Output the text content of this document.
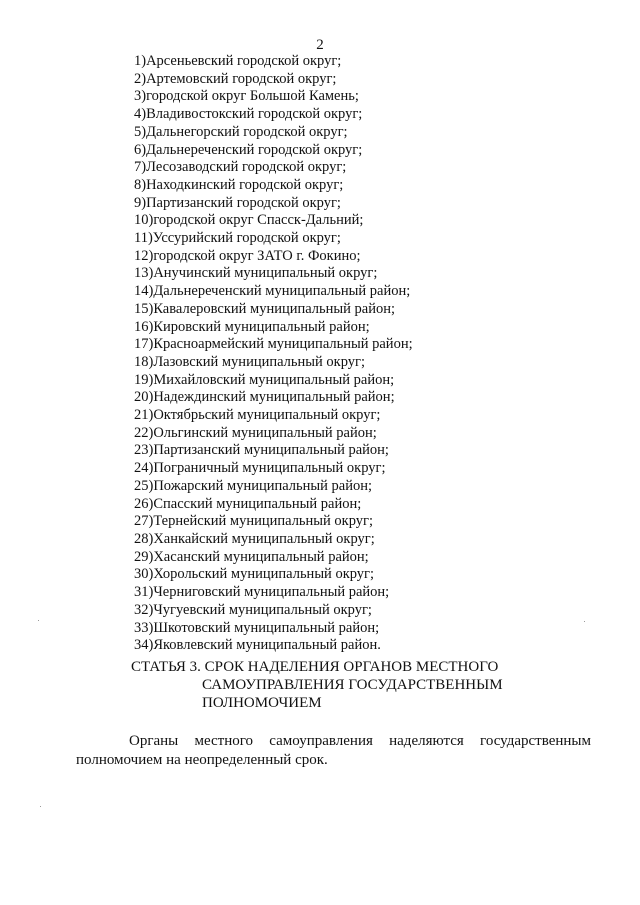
2
1)Арсеньевский городской округ;
2)Артемовский городской округ;
3)городской округ Большой Камень;
4)Владивостокский городской округ;
5)Дальнегорский городской округ;
6)Дальнереченский городской округ;
7)Лесозаводский городской округ;
8)Находкинский городской округ;
9)Партизанский городской округ;
10)городской округ Спасск-Дальний;
11)Уссурийский городской округ;
12)городской округ ЗАТО г. Фокино;
13)Анучинский муниципальный округ;
14)Дальнереченский муниципальный район;
15)Кавалеровский муниципальный район;
16)Кировский муниципальный район;
17)Красноармейский муниципальный район;
18)Лазовский муниципальный округ;
19)Михайловский муниципальный район;
20)Надеждинский муниципальный район;
21)Октябрьский муниципальный округ;
22)Ольгинский муниципальный район;
23)Партизанский муниципальный район;
24)Пограничный муниципальный округ;
25)Пожарский муниципальный район;
26)Спасский муниципальный район;
27)Тернейский муниципальный округ;
28)Ханкайский муниципальный округ;
29)Хасанский муниципальный район;
30)Хорольский муниципальный округ;
31)Черниговский муниципальный район;
32)Чугуевский муниципальный округ;
33)Шкотовский муниципальный район;
34)Яковлевский муниципальный район.
СТАТЬЯ 3. СРОК НАДЕЛЕНИЯ ОРГАНОВ МЕСТНОГО
САМОУПРАВЛЕНИЯ ГОСУДАРСТВЕННЫМ
ПОЛНОМОЧИЕМ

Органы местного самоуправления наделяются государственным
полномочием на неопределенный срок.
